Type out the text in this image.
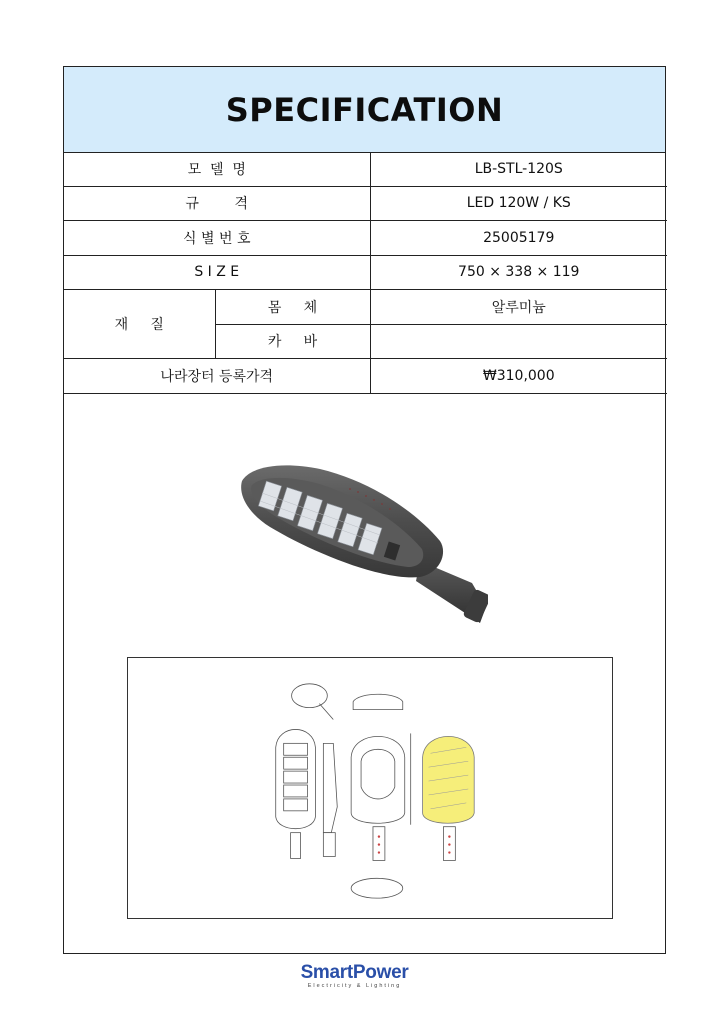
SPECIFICATION
모  델  명		LB-STL-120S
규        격		LED 120W / KS
식 별 번 호		25005179
S I Z E		750 × 338 × 119
재     질	몸     체	알루미늄
	카     바	
나라장터 등록가격		₩310,000
SmartPower
Electricity & Lighting
